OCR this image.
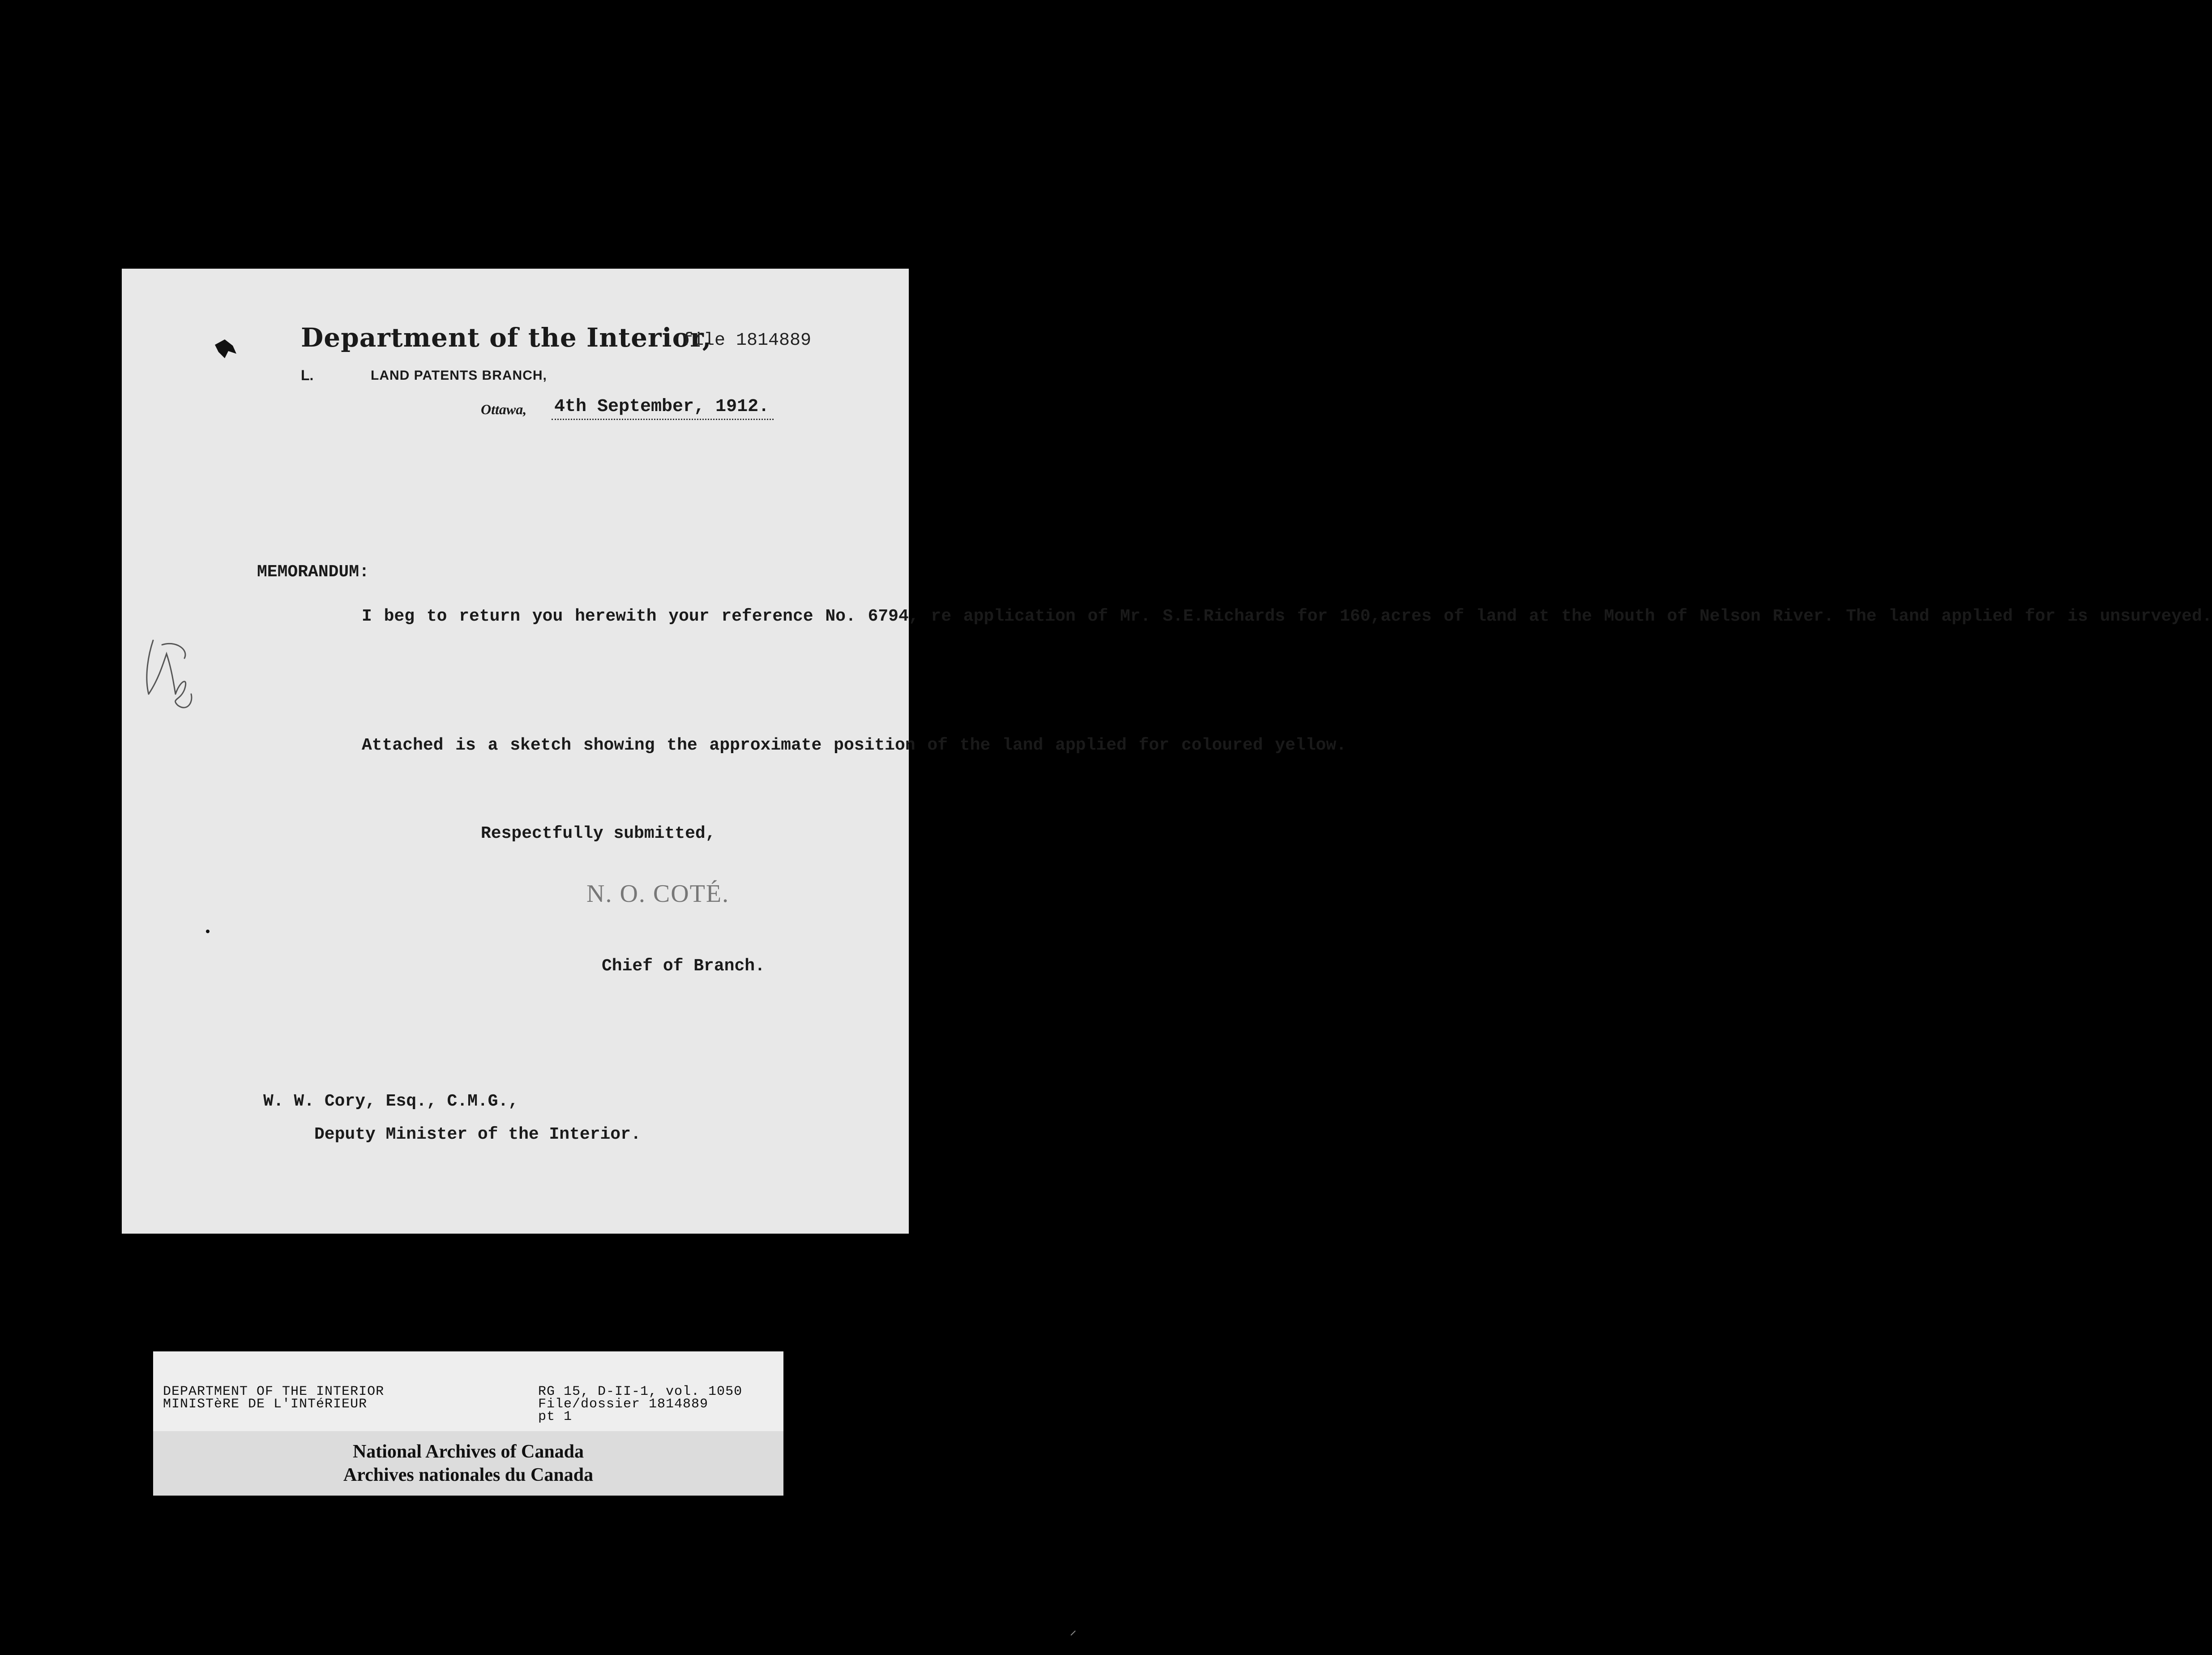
Department of the Interior,
file 1814889
L.	LAND PATENTS BRANCH,
Ottawa, 4th September, 1912.
MEMORANDUM:
I beg to return you herewith your reference No. 6794, re application of Mr. S.E.Richards for 160,acres of land at the Mouth of Nelson River. The land applied for is unsurveyed.
Attached is a sketch showing the approximate position of the land applied for coloured yellow.
Respectfully submitted,
N. O. COTÉ.
Chief of Branch.
W. W. Cory, Esq., C.M.G.,
Deputy Minister of the Interior.
DEPARTMENT OF THE INTERIOR
MINISTèRE DE L'INTéRIEUR
RG 15, D-II-1, vol. 1050
File/dossier 1814889
pt 1
National Archives of Canada
Archives nationales du Canada
